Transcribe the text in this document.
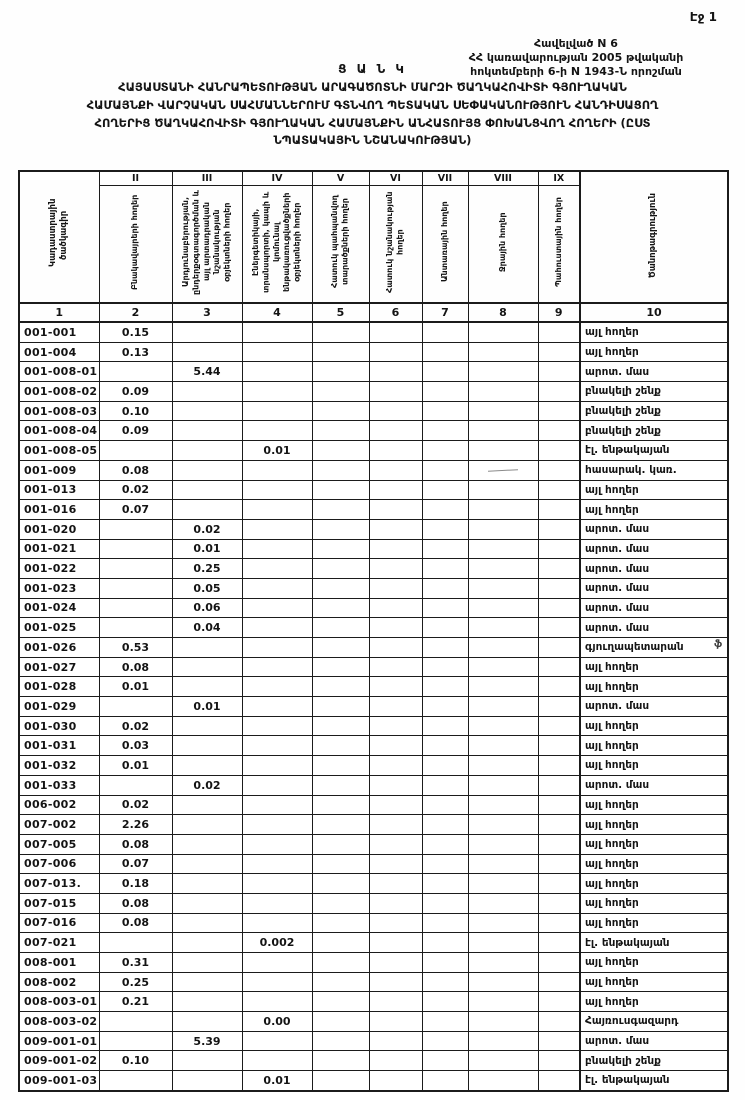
Էջ 1
Հավելված N 6
ՀՀ կառավարության 2005 թվականի
հոկտեմբերի 6-ի N 1943-Ն որոշման
Ց Ա Ն Կ
ՀԱՅԱՍՏԱՆԻ ՀԱՆՐԱՊԵՏՈՒԹՅԱՆ ԱՐԱԳԱԾՈՏՆԻ ՄԱՐԶԻ ԾԱՂԿԱՀՈՎԻՏԻ ԳՅՈՒՂԱԿԱՆ
ՀԱՄԱՅՆՔԻ ՎԱՐՉԱԿԱՆ ՍԱՀՄԱՆՆԵՐՈՒՄ ԳՏՆՎՈՂ ՊԵՏԱԿԱՆ ՍԵՓԱԿԱՆՈՒԹՅՈՒՆ ՀԱՆԴԻՍԱՑՈՂ
ՀՈՂԵՐԻՑ ԾԱՂԿԱՀՈՎԻՏԻ ԳՅՈՒՂԱԿԱՆ ՀԱՄԱՅՆՔԻՆ ԱՆՀԱՏՈՒՅՑ ՓՈԽԱՆՑՎՈՂ ՀՈՂԵՐԻ (ԸՍՏ
ՆՊԱՏԱԿԱՅԻՆ ՆՇԱՆԱԿՈՒԹՅԱՆ)
Կադաստրային ծածկագիր	II	III	IV	V	VI	VII	VIII	IX	Ծանոթագրություն
	Բնակավայրերի հողեր	Արդյունաբերության, ընդերքօգտագործման և այլ արտադրական նշանակության օբյեկտների հողեր	Էներգետիկայի, տրանսպորտի, կապի և կոմունալ ենթակառուցվածքների օբյեկտների հողեր	Հատուկ պահպանվող տարածքների հողեր	Հատուկ նշանակության հողեր	Անտառային հողեր	Ջրային հողեր	Պահուստային հողեր	
1	2	3	4	5	6	7	8	9	10
001-001	0.15								այլ հողեր
001-004	0.13								այլ հողեր
001-008-01		5.44							արոտ. մաս
001-008-02	0.09								բնակելի շենք
001-008-03	0.10								բնակելի շենք
001-008-04	0.09								բնակելի շենք
001-008-05			0.01						էլ. ենթակայան
001-009	0.08								հասարակ. կառ.
001-013	0.02								այլ հողեր
001-016	0.07								այլ հողեր
001-020		0.02							արոտ. մաս
001-021		0.01							արոտ. մաս
001-022		0.25							արոտ. մաս
001-023		0.05							արոտ. մաս
001-024		0.06							արոտ. մաս
001-025		0.04							արոտ. մաս
001-026	0.53								գյուղապետարան
001-027	0.08								այլ հողեր
001-028	0.01								այլ հողեր
001-029		0.01							արոտ. մաս
001-030	0.02								այլ հողեր
001-031	0.03								այլ հողեր
001-032	0.01								այլ հողեր
001-033		0.02							արոտ. մաս
006-002	0.02								այլ հողեր
007-002	2.26								այլ հողեր
007-005	0.08								այլ հողեր
007-006	0.07								այլ հողեր
007-013.	0.18								այլ հողեր
007-015	0.08								այլ հողեր
007-016	0.08								այլ հողեր
007-021			0.002						էլ. ենթակայան
008-001	0.31								այլ հողեր
008-002	0.25								այլ հողեր
008-003-01	0.21								այլ հողեր
008-003-02			0.00						Հայռուսգազարդ
009-001-01		5.39							արոտ. մաս
009-001-02	0.10								բնակելի շենք
009-001-03			0.01						էլ. ենթակայան
ֆ
